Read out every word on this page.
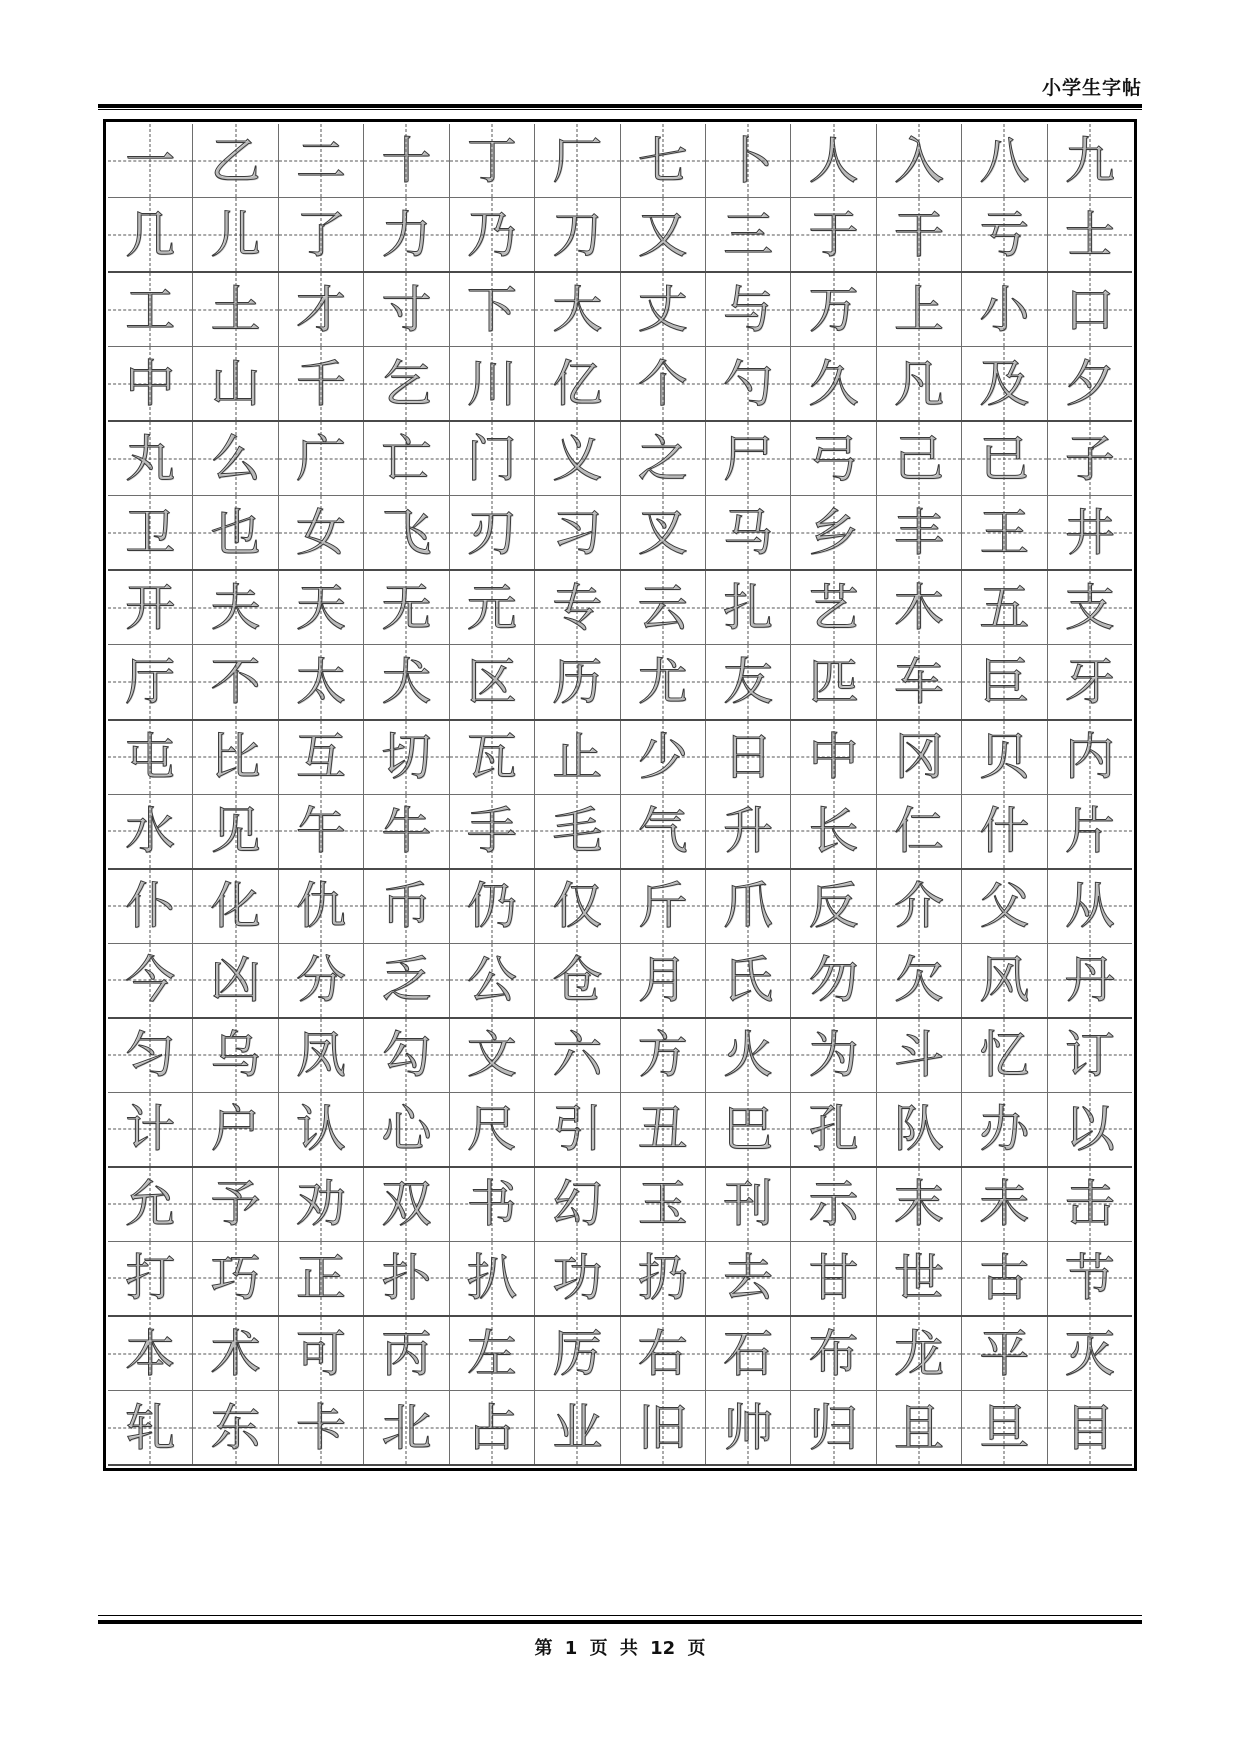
小学生字帖
一 乙 二 十 丁 厂 七 卜 人 入 八 九
几 儿 了 力 乃 刀 又 三 于 干 亏 士
工 土 才 寸 下 大 丈 与 万 上 小 口
中 山 千 乞 川 亿 个 勺 久 凡 及 夕
丸 么 广 亡 门 义 之 尸 弓 己 已 子
卫 也 女 飞 刃 习 叉 马 乡 丰 王 井
开 夫 天 无 元 专 云 扎 艺 木 五 支
厅 不 太 犬 区 历 尤 友 匹 车 巨 牙
屯 比 互 切 瓦 止 少 日 中 冈 贝 内
水 见 午 牛 手 毛 气 升 长 仁 什 片
仆 化 仇 币 仍 仅 斤 爪 反 介 父 从
今 凶 分 乏 公 仓 月 氏 勿 欠 风 丹
匀 乌 凤 勾 文 六 方 火 为 斗 忆 订
计 户 认 心 尺 引 丑 巴 孔 队 办 以
允 予 劝 双 书 幻 玉 刊 示 末 未 击
打 巧 正 扑 扒 功 扔 去 甘 世 古 节
本 术 可 丙 左 厉 右 石 布 龙 平 灭
轧 东 卡 北 占 业 旧 帅 归 且 旦 目
第 1 页 共 12 页
